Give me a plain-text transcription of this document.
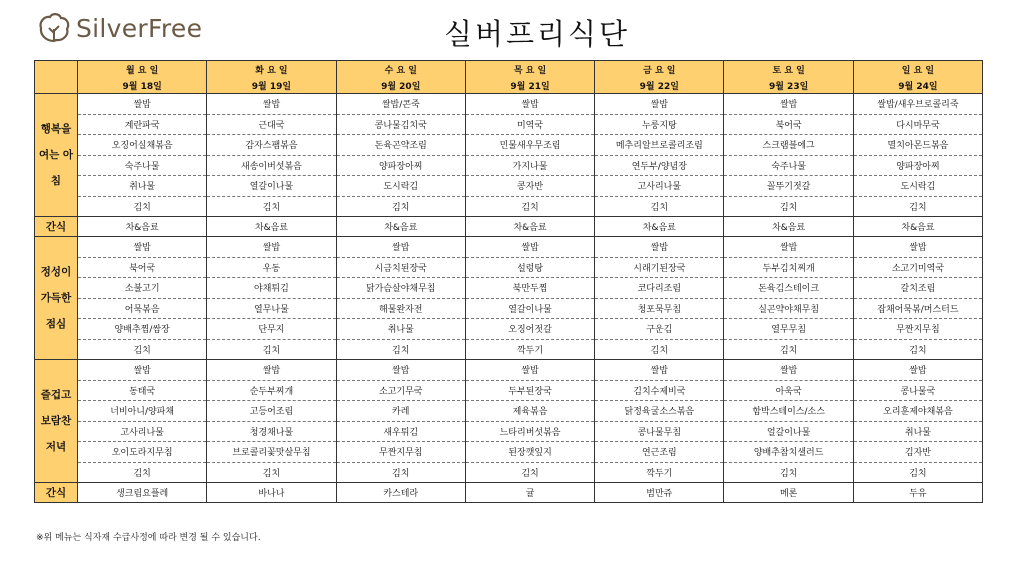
SilverFree	실버프리식단
	월 요 일	화 요 일	수 요 일	목 요 일	금 요 일	토 요 일	일 요 일
	9월 18일	9월 19일	9월 20일	9월 21일	9월 22일	9월 23일	9월 24일
행복을 여는 아침	쌀밥	쌀밥	쌀밥/콘죽	쌀밥	쌀밥	쌀밥	쌀밥/새우브로콜리죽
	계란파국	근대국	콩나물김치국	미역국	누룽지탕	북어국	다시마무국
	오징어실채볶음	감자스팸볶음	돈육곤약조림	민물새우무조림	메추리알브로콜리조림	스크램블에그	멸치아몬드볶음
	숙주나물	새송이버섯볶음	양파장아찌	가지나물	연두부/양념장	숙주나물	양파장아찌
	취나물	열갈이나물	도시락김	콩자반	고사리나물	꼴뚜기젓갈	도시락김
	김치	김치	김치	김치	김치	김치	김치
간식	차&음료	차&음료	차&음료	차&음료	차&음료	차&음료	차&음료
정성이 가득한 점심	쌀밥	쌀밥	쌀밥	쌀밥	쌀밥	쌀밥	쌀밥
	북어국	우동	시금치된장국	설렁탕	시래기된장국	두부김치찌개	소고기미역국
	소불고기	야채튀김	닭가슴살야채무침	북만두찜	코다리조림	돈육김스테이크	갈치조림
	어묵볶음	열무나물	해물완자전	열갈이나물	청포묵무침	실곤약야채무침	잡채어묵볶/머스터드
	양배추찜/쌈장	단무지	취나물	오징어젓갈	구운김	열무무침	무짠지무침
	김치	김치	김치	깍두기	김치	김치	김치
즐겁고 보람찬 저녁	쌀밥	쌀밥	쌀밥	쌀밥	쌀밥	쌀밥	쌀밥
	동태국	순두부찌개	소고기무국	두부된장국	김치수제비국	아욱국	콩나물국
	너비아니/양파채	고등어조림	카레	제육볶음	닭정육굴소스볶음	함박스테이스/소스	오리훈제야채볶음
	고사리나물	청경채나물	새우튀김	느타리버섯볶음	콩나물무침	얼갈이나물	취나물
	오이도라지무침	브로콜리꽃맛살무침	무짠지무침	된장깻잎지	연근조림	양배추참치샐러드	김자반
	김치	김치	김치	김치	깍두기	김치	김치
간식	생크림요플레	바나나	카스테라	귤	범만쥬	메론	두유
※위 메뉴는 식자재 수급사정에 따라 변경 될 수 있습니다.
